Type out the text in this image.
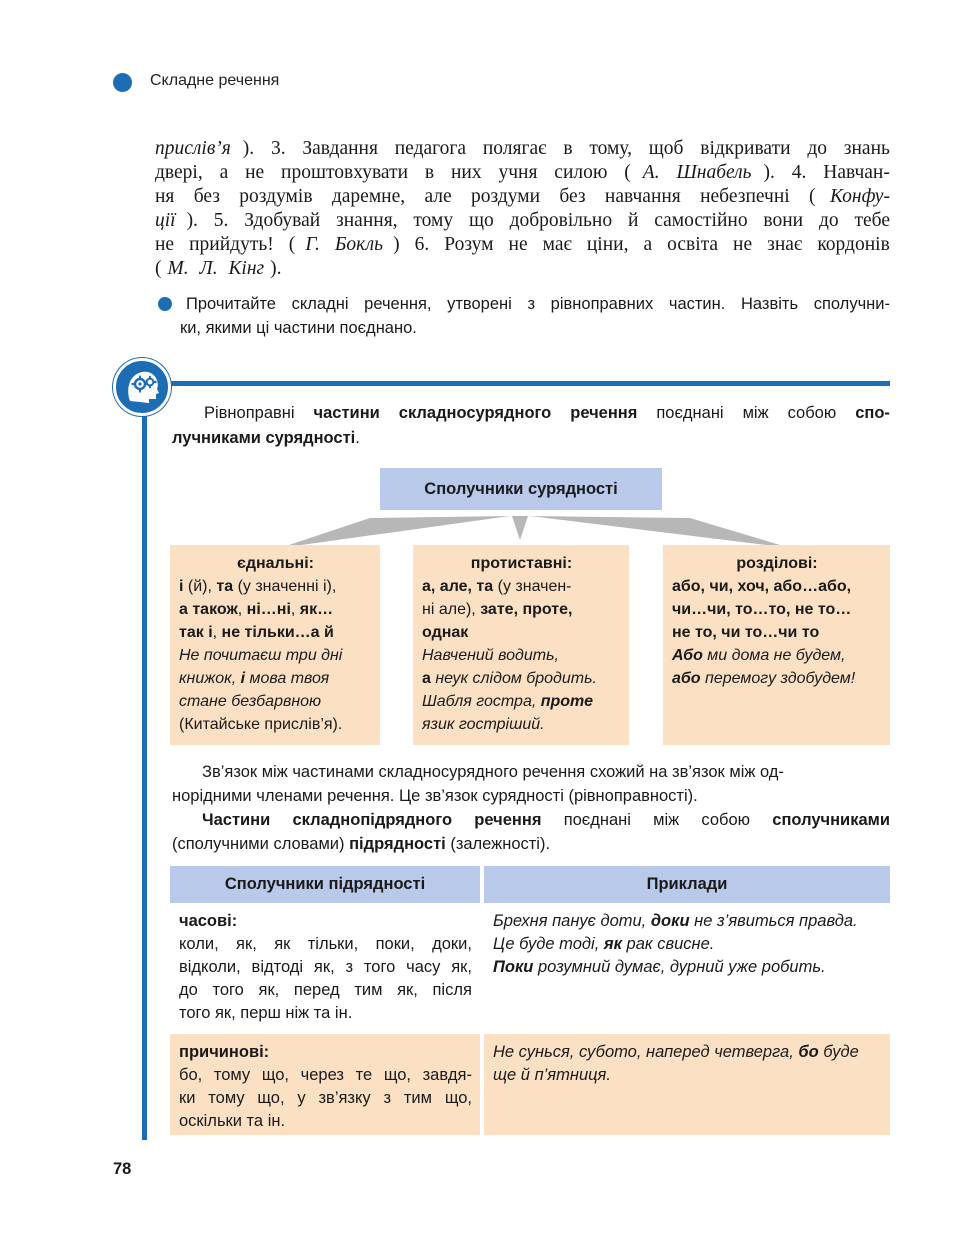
Складне речення
прислів’я ). 3. Завдання педагога полягає в тому, щоб відкривати до знань
двері, а не проштовхувати в них учня силою ( А. Шнабель ). 4. Навчан-
ня без роздумів даремне, але роздуми без навчання небезпечні ( Конфу-
ції ). 5. Здобувай знання, тому що добровільно й самостійно вони до тебе
не прийдуть! ( Г. Бокль ) 6. Розум не має ціни, а освіта не знає кордонів
( М. Л. Кінг ).
Прочитайте складні речення, утворені з рівноправних частин. Назвіть сполучни-
ки, якими ці частини поєднано.
Рівноправні частини складносурядного речення поєднані між собою спо-
лучниками сурядності.
Сполучники сурядності
єднальні:
і (й), та (у значенні і),
а також, ні…ні, як…
так і, не тільки…а й
Не почитаєш три дні
книжок, і мова твоя
стане безбарвною
(Китайське прислів’я).
протиставні:
а, але, та (у значен-
ні але), зате, проте,
однак
Навчений водить,
а неук слідом бродить.
Шабля гостра, проте
язик гостріший.
розділові:
або, чи, хоч, або…або,
чи…чи, то…то, не то…
не то, чи то…чи то
Або ми дома не будем,
або перемогу здобудем!
Зв’язок між частинами складносурядного речення схожий на зв’язок між од-
норідними членами речення. Це зв’язок сурядності (рівноправності).
Частини складнопідрядного речення поєднані між собою сполучниками
(сполучними словами) підрядності (залежності).
Сполучники підрядності	Приклади
часові:
коли, як, як тільки, поки, доки,
відколи, відтоді як, з того часу як,
до того як, перед тим як, після
того як, перш ніж та ін.
Брехня панує доти, доки не з’явиться правда.
Це буде тоді, як рак свисне.
Поки розумний думає, дурний уже робить.
причинові:
бо, тому що, через те що, завдя-
ки тому що, у зв’язку з тим що,
оскільки та ін.
Не сунься, субото, наперед четверга, бо буде
ще й п’ятниця.
78
